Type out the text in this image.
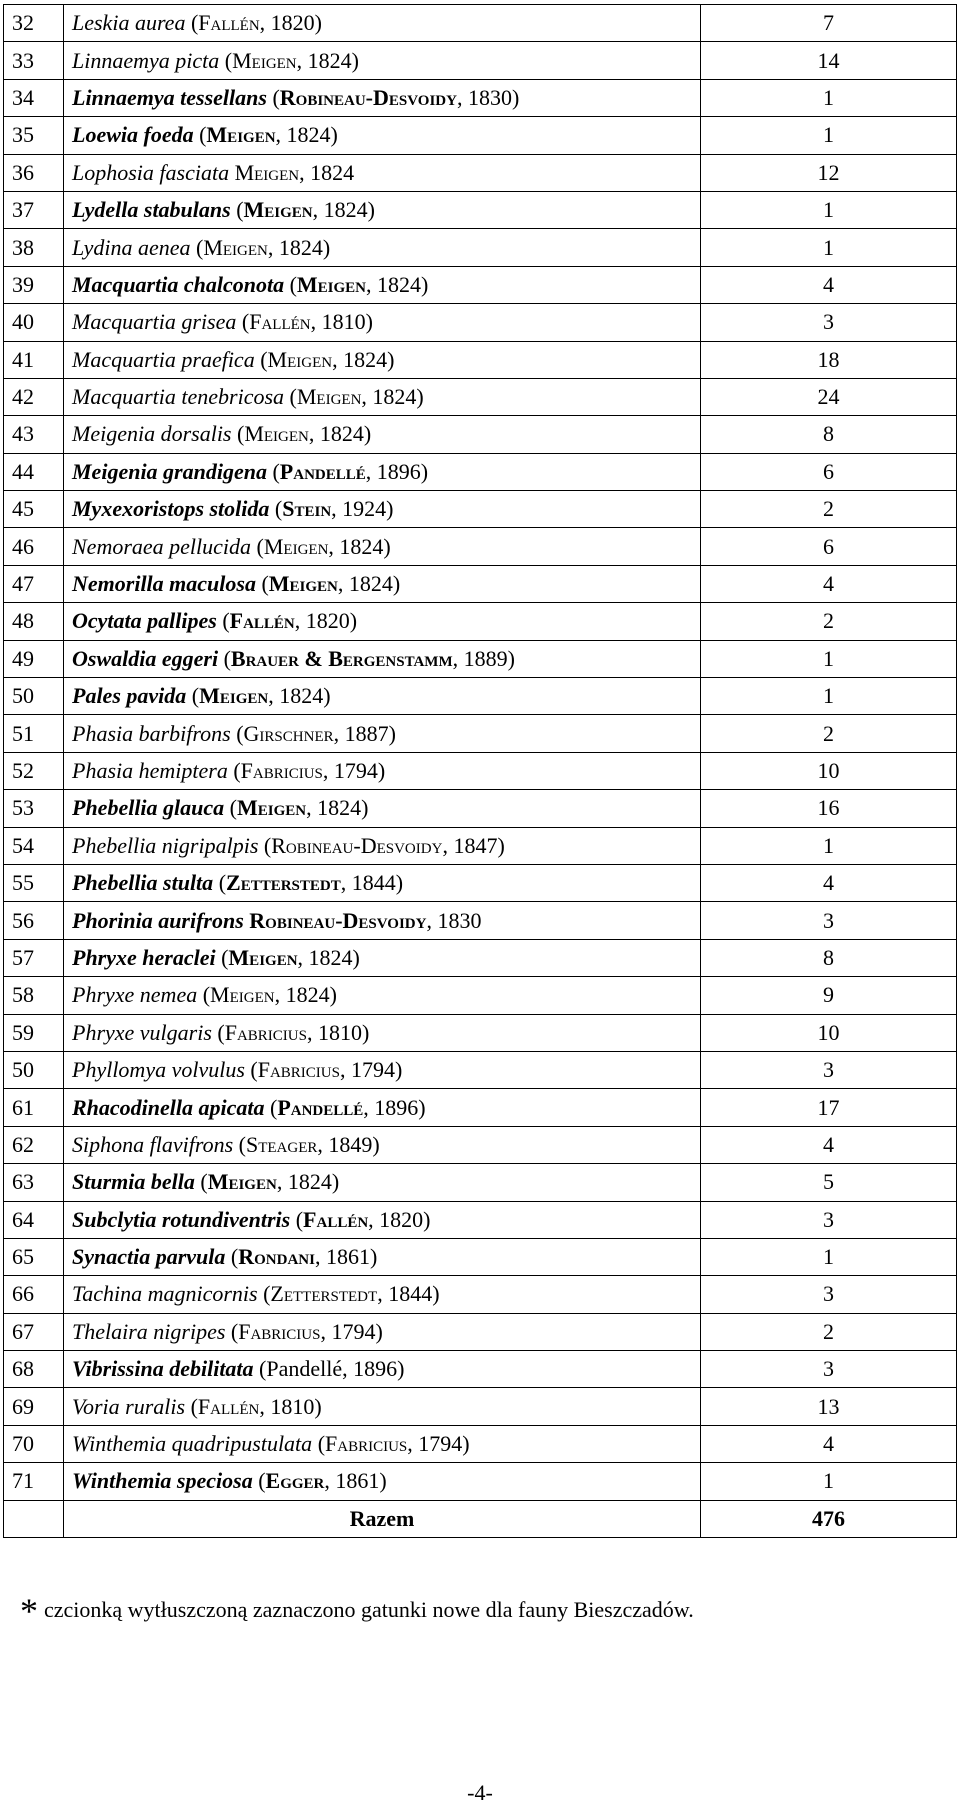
32	Leskia aurea (Fallén, 1820)	7
33	Linnaemya picta (Meigen, 1824)	14
34	Linnaemya tessellans (Robineau-Desvoidy, 1830)	1
35	Loewia foeda (Meigen, 1824)	1
36	Lophosia fasciata Meigen, 1824	12
37	Lydella stabulans (Meigen, 1824)	1
38	Lydina aenea (Meigen, 1824)	1
39	Macquartia chalconota (Meigen, 1824)	4
40	Macquartia grisea (Fallén, 1810)	3
41	Macquartia praefica (Meigen, 1824)	18
42	Macquartia tenebricosa (Meigen, 1824)	24
43	Meigenia dorsalis (Meigen, 1824)	8
44	Meigenia grandigena (Pandellé, 1896)	6
45	Myxexoristops stolida (Stein, 1924)	2
46	Nemoraea pellucida (Meigen, 1824)	6
47	Nemorilla maculosa (Meigen, 1824)	4
48	Ocytata pallipes (Fallén, 1820)	2
49	Oswaldia eggeri (Brauer & Bergenstamm, 1889)	1
50	Pales pavida (Meigen, 1824)	1
51	Phasia barbifrons (Girschner, 1887)	2
52	Phasia hemiptera (Fabricius, 1794)	10
53	Phebellia glauca (Meigen, 1824)	16
54	Phebellia nigripalpis (Robineau-Desvoidy, 1847)	1
55	Phebellia stulta (Zetterstedt, 1844)	4
56	Phorinia aurifrons Robineau-Desvoidy, 1830	3
57	Phryxe heraclei (Meigen, 1824)	8
58	Phryxe nemea (Meigen, 1824)	9
59	Phryxe vulgaris (Fabricius, 1810)	10
50	Phyllomya volvulus (Fabricius, 1794)	3
61	Rhacodinella apicata (Pandellé, 1896)	17
62	Siphona flavifrons (Steager, 1849)	4
63	Sturmia bella (Meigen, 1824)	5
64	Subclytia rotundiventris (Fallén, 1820)	3
65	Synactia parvula (Rondani, 1861)	1
66	Tachina magnicornis (Zetterstedt, 1844)	3
67	Thelaira nigripes (Fabricius, 1794)	2
68	Vibrissina debilitata (Pandellé, 1896)	3
69	Voria ruralis (Fallén, 1810)	13
70	Winthemia quadripustulata (Fabricius, 1794)	4
71	Winthemia speciosa (Egger, 1861)	1
	Razem	476
* czcionką wytłuszczoną zaznaczono gatunki nowe dla fauny Bieszczadów.
-4-
